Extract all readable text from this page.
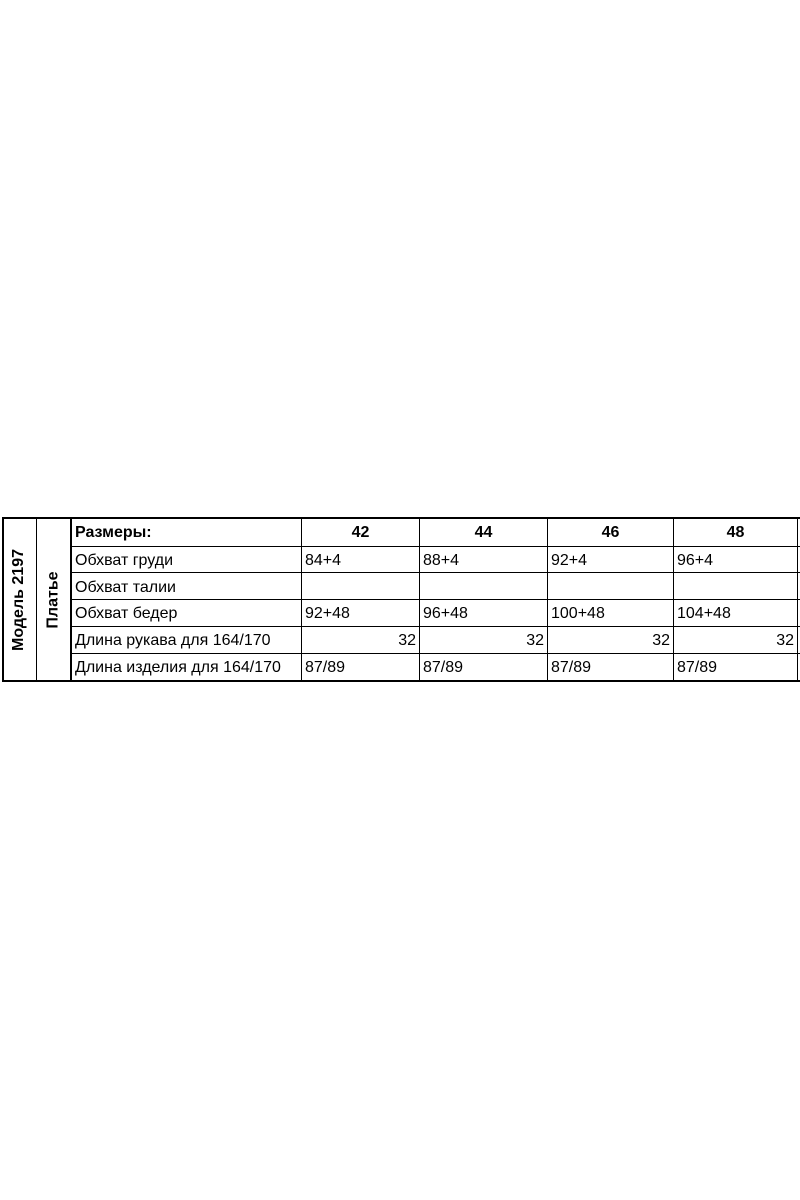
Модель 2197 Платье
Размеры:	42	44	46	48
Обхват груди	84+4	88+4	92+4	96+4
Обхват талии
Обхват бедер	92+48	96+48	100+48	104+48
Длина рукава для 164/170	32	32	32	32
Длина изделия для 164/170	87/89	87/89	87/89	87/89
